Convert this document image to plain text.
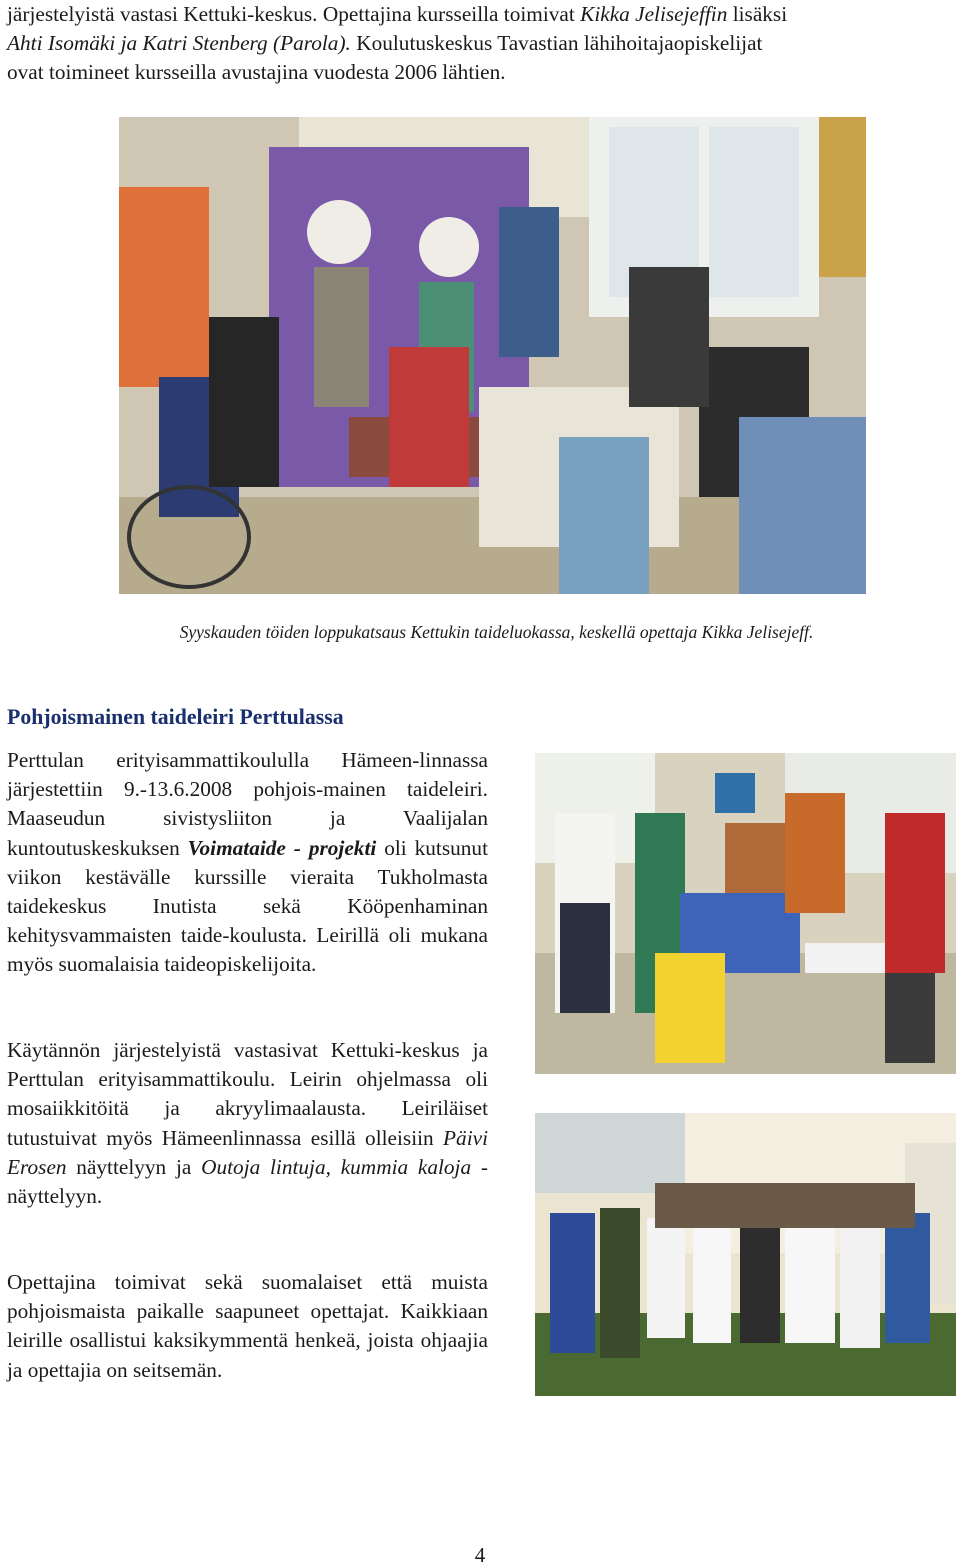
järjestelyistä vastasi Kettuki-keskus. Opettajina kursseilla toimivat Kikka Jelisejeffin lisäksi

Ahti Isomäki ja Katri Stenberg (Parola). Koulutuskeskus Tavastian lähihoitajaopiskelijat

ovat toimineet kursseilla avustajina vuodesta 2006 lähtien.

Syyskauden töiden loppukatsaus Kettukin taideluokassa, keskellä opettaja Kikka Jelisejeff.
Pohjoismainen taideleiri Perttulassa

Perttulan erityisammattikoululla Hämeen-linnassa järjestettiin 9.-13.6.2008 pohjois-mainen taideleiri. Maaseudun sivistysliiton ja Vaalijalan kuntoutuskeskuksen Voimataide - projekti oli kutsunut viikon kestävälle kurssille vieraita Tukholmasta taidekeskus Inutista sekä Kööpenhaminan kehitysvammaisten taide-koulusta. Leirillä oli mukana myös suomalaisia taideopiskelijoita.

Käytännön järjestelyistä vastasivat Kettuki-keskus ja Perttulan erityisammattikoulu. Leirin ohjelmassa oli mosaiikkitöitä ja akryylimaalausta. Leiriläiset tutustuivat myös Hämeenlinnassa esillä olleisiin Päivi Erosen näyttelyyn ja Outoja lintuja, kummia kaloja -näyttelyyn.

Opettajina toimivat sekä suomalaiset että muista pohjoismaista paikalle saapuneet opettajat. Kaikkiaan leirille osallistui kaksikymmentä henkeä, joista ohjaajia ja opettajia on seitsemän.

4
